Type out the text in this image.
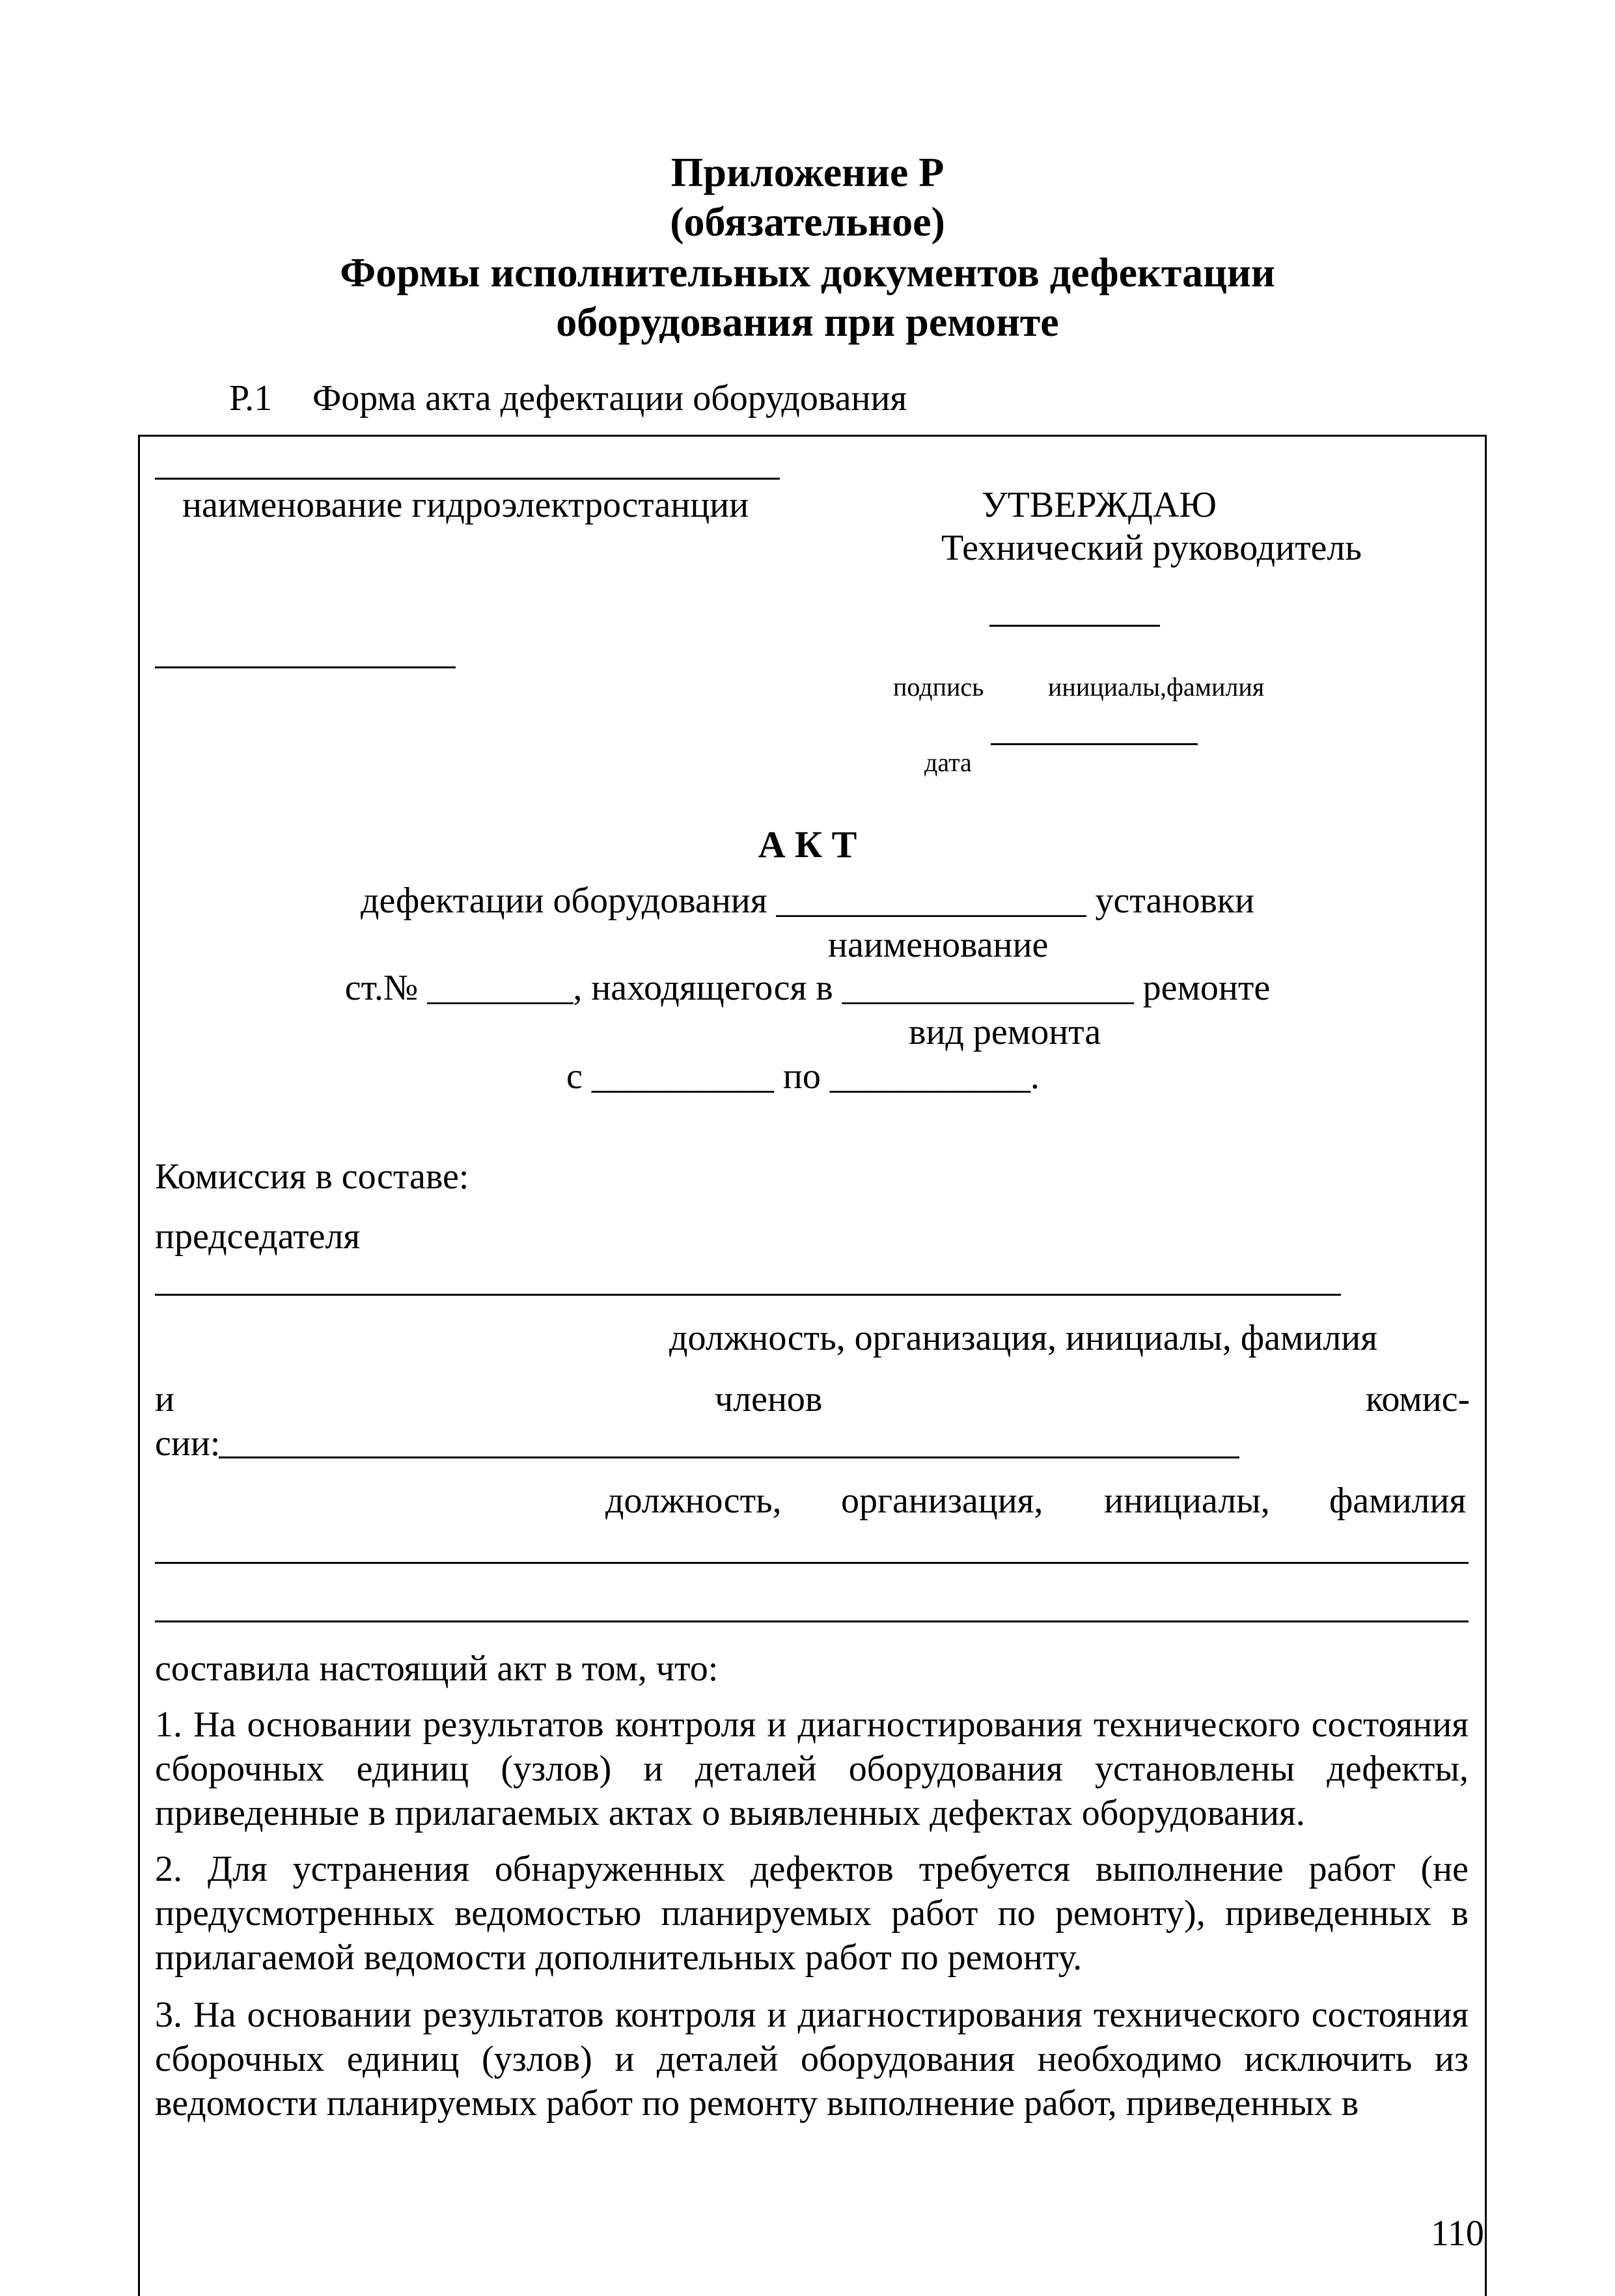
Приложение Р
(обязательное)
Формы исполнительных документов дефектации
оборудования при ремонте
Р.1 Форма акта дефектации оборудования
наименование гидроэлектростанции	УТВЕРЖДАЮ
Технический руководитель
подпись инициалы,фамилия
дата
А К Т
дефектации оборудования _________________ установки
наименование
ст.№ ________, находящегося в ________________ ремонте
вид ремонта
с __________ по ___________.
Комиссия в составе:
председателя
должность, организация, инициалы, фамилия
и	членов	комис-
сии:
должность, организация, инициалы, фамилия
составила настоящий акт в том, что:
1. На основании результатов контроля и диагностирования технического состояния сборочных единиц (узлов) и деталей оборудования установлены дефекты, приведенные в прилагаемых актах о выявленных дефектах оборудования.
2. Для устранения обнаруженных дефектов требуется выполнение работ (не предусмотренных ведомостью планируемых работ по ремонту), приведенных в прилагаемой ведомости дополнительных работ по ремонту.
3. На основании результатов контроля и диагностирования технического состояния сборочных единиц (узлов) и деталей оборудования необходимо исключить из ведомости планируемых работ по ремонту выполнение работ, приведенных в
110
